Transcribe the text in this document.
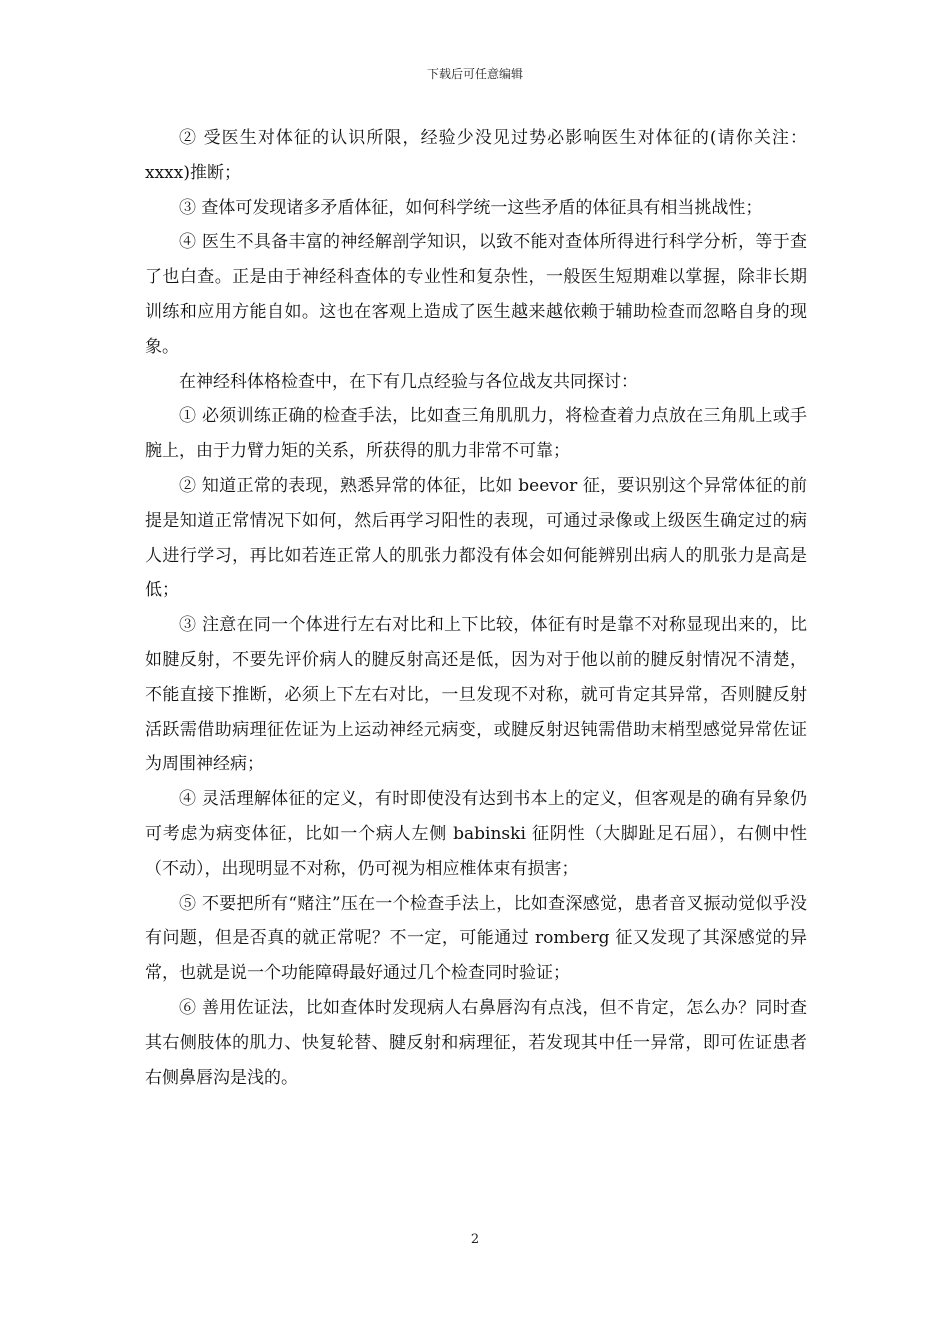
下载后可任意编辑

② 受医生对体征的认识所限，经验少没见过势必影响医生对体征的(请你关注：xxxx)推断；

③ 查体可发现诸多矛盾体征，如何科学统一这些矛盾的体征具有相当挑战性；

④ 医生不具备丰富的神经解剖学知识，以致不能对查体所得进行科学分析，等于查了也白查。正是由于神经科查体的专业性和复杂性，一般医生短期难以掌握，除非长期训练和应用方能自如。这也在客观上造成了医生越来越依赖于辅助检查而忽略自身的现象。

在神经科体格检查中，在下有几点经验与各位战友共同探讨：

① 必须训练正确的检查手法，比如查三角肌肌力，将检查着力点放在三角肌上或手腕上，由于力臂力矩的关系，所获得的肌力非常不可靠；

② 知道正常的表现，熟悉异常的体征，比如 beevor 征，要识别这个异常体征的前提是知道正常情况下如何，然后再学习阳性的表现，可通过录像或上级医生确定过的病人进行学习，再比如若连正常人的肌张力都没有体会如何能辨别出病人的肌张力是高是低；

③ 注意在同一个体进行左右对比和上下比较，体征有时是靠不对称显现出来的，比如腱反射，不要先评价病人的腱反射高还是低，因为对于他以前的腱反射情况不清楚，不能直接下推断，必须上下左右对比，一旦发现不对称，就可肯定其异常，否则腱反射活跃需借助病理征佐证为上运动神经元病变，或腱反射迟钝需借助末梢型感觉异常佐证为周围神经病；

④ 灵活理解体征的定义，有时即使没有达到书本上的定义，但客观是的确有异象仍可考虑为病变体征，比如一个病人左侧 babinski 征阴性（大脚趾足石屈），右侧中性（不动），出现明显不对称，仍可视为相应椎体束有损害；

⑤ 不要把所有“赌注”压在一个检查手法上，比如查深感觉，患者音叉振动觉似乎没有问题，但是否真的就正常呢？不一定，可能通过 romberg 征又发现了其深感觉的异常，也就是说一个功能障碍最好通过几个检查同时验证；

⑥ 善用佐证法，比如查体时发现病人右鼻唇沟有点浅，但不肯定，怎么办？同时查其右侧肢体的肌力、快复轮替、腱反射和病理征，若发现其中任一异常，即可佐证患者右侧鼻唇沟是浅的。

2
